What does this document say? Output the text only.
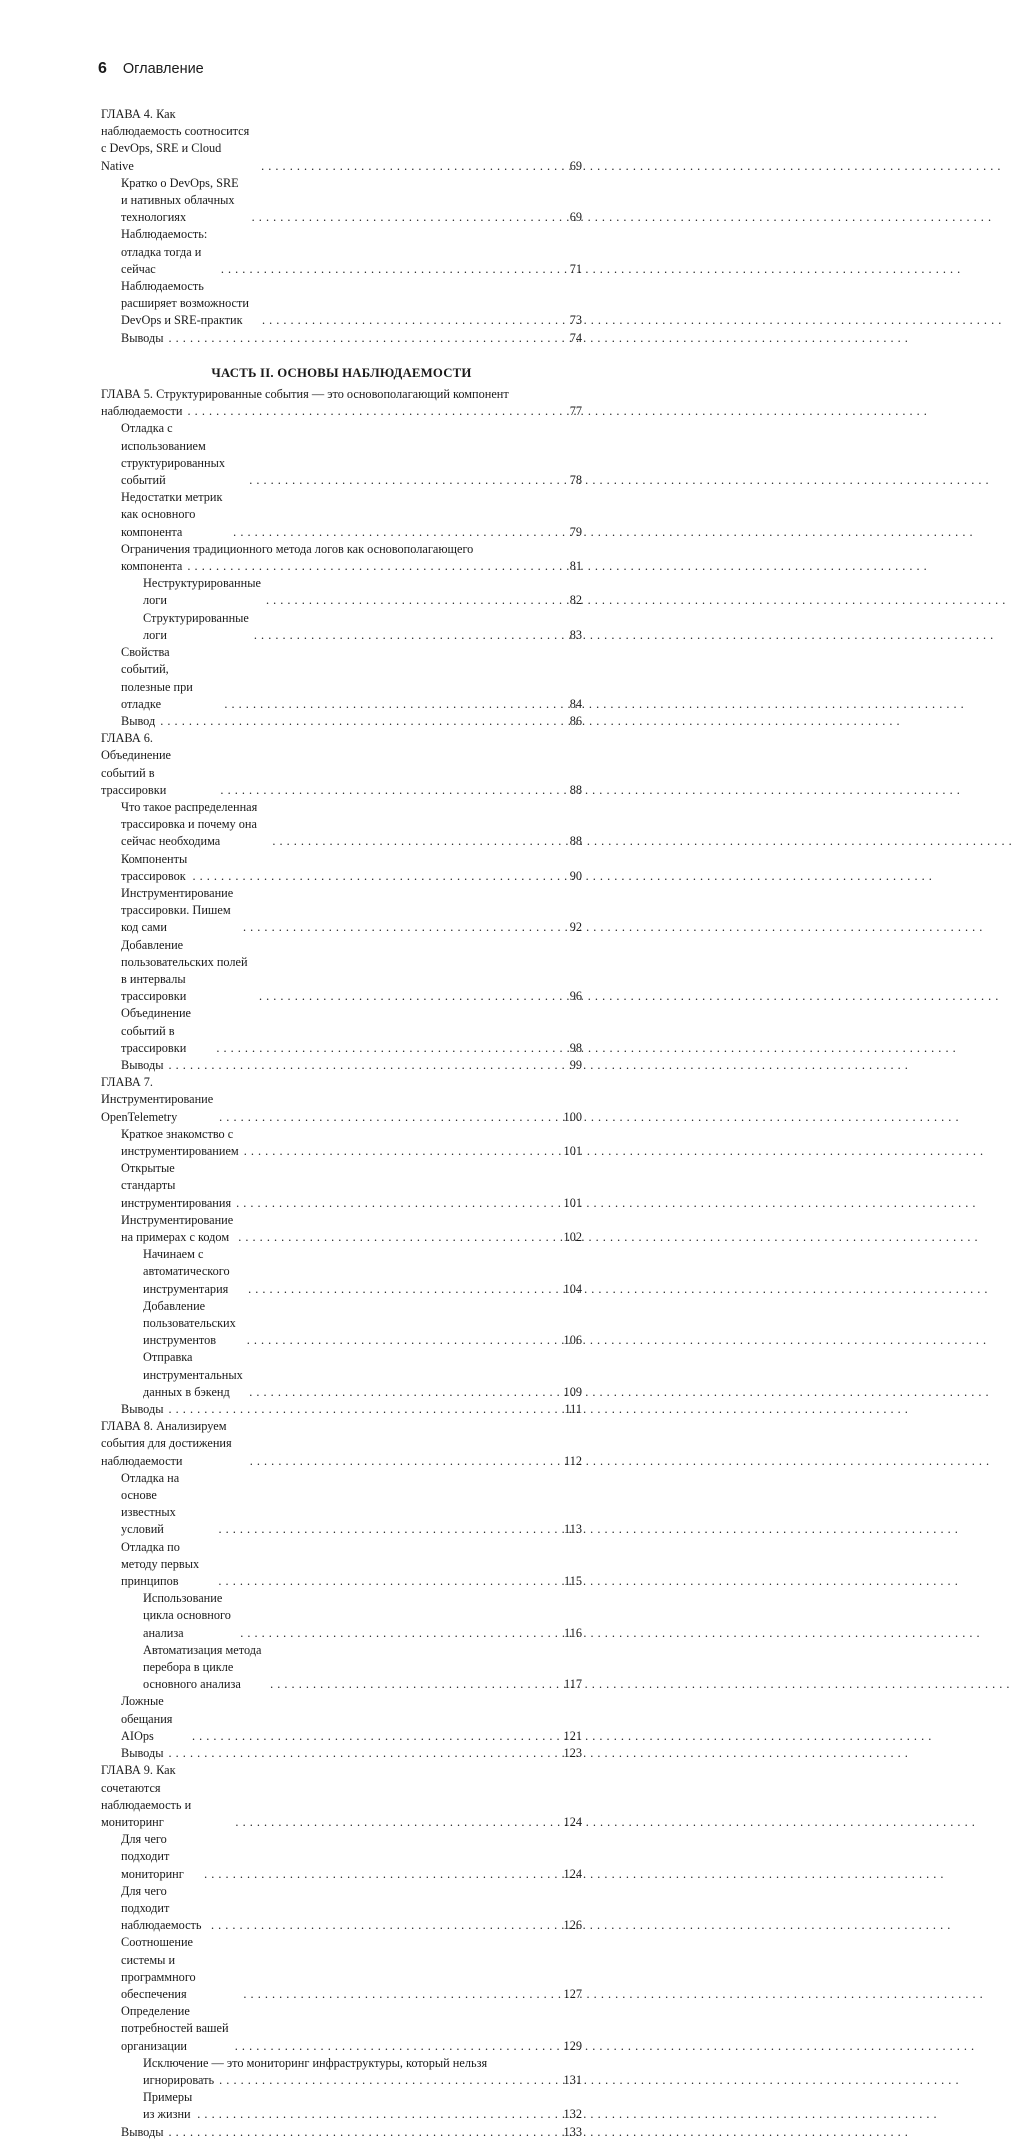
6 Оглавление
ГЛАВА 4. Как наблюдаемость соотносится с DevOps, SRE и Cloud Native . . .	69
Кратко о DevOps, SRE и нативных облачных технологиях . . .	69
Наблюдаемость: отладка тогда и сейчас . . .	71
Наблюдаемость расширяет возможности DevOps и SRE-практик . . .	73
Выводы . . .	74
ЧАСТЬ II. ОСНОВЫ НАБЛЮДАЕМОСТИ
ГЛАВА 5. Структурированные события — это основополагающий компонент
наблюдаемости . . .	77
Отладка с использованием структурированных событий . . .	78
Недостатки метрик как основного компонента . . .	79
Ограничения традиционного метода логов как основополагающего
компонента . . .	81
Неструктурированные логи . . .	82
Структурированные логи . . .	83
Свойства событий, полезные при отладке . . .	84
Вывод . . .	86
ГЛАВА 6. Объединение событий в трассировки . . .	88
Что такое распределенная трассировка и почему она сейчас необходима . . .	88
Компоненты трассировок . . .	90
Инструментирование трассировки. Пишем код сами . . .	92
Добавление пользовательских полей в интервалы трассировки . . .	96
Объединение событий в трассировки . . .	98
Выводы . . .	99
ГЛАВА 7. Инструментирование OpenTelemetry . . .	100
Краткое знакомство с инструментированием . . .	101
Открытые стандарты инструментирования . . .	101
Инструментирование на примерах с кодом . . .	102
Начинаем с автоматического инструментария . . .	104
Добавление пользовательских инструментов . . .	106
Отправка инструментальных данных в бэкенд . . .	109
Выводы . . .	111
ГЛАВА 8. Анализируем события для достижения наблюдаемости . . .	112
Отладка на основе известных условий . . .	113
Отладка по методу первых принципов . . .	115
Использование цикла основного анализа . . .	116
Автоматизация метода перебора в цикле основного анализа . . .	117
Ложные обещания AIOps . . .	121
Выводы . . .	123
ГЛАВА 9. Как сочетаются наблюдаемость и мониторинг . . .	124
Для чего подходит мониторинг . . .	124
Для чего подходит наблюдаемость . . .	126
Соотношение системы и программного обеспечения . . .	127
Определение потребностей вашей организации . . .	129
Исключение — это мониторинг инфраструктуры, который нельзя
игнорировать . . .	131
Примеры из жизни . . .	132
Выводы . . .	133
